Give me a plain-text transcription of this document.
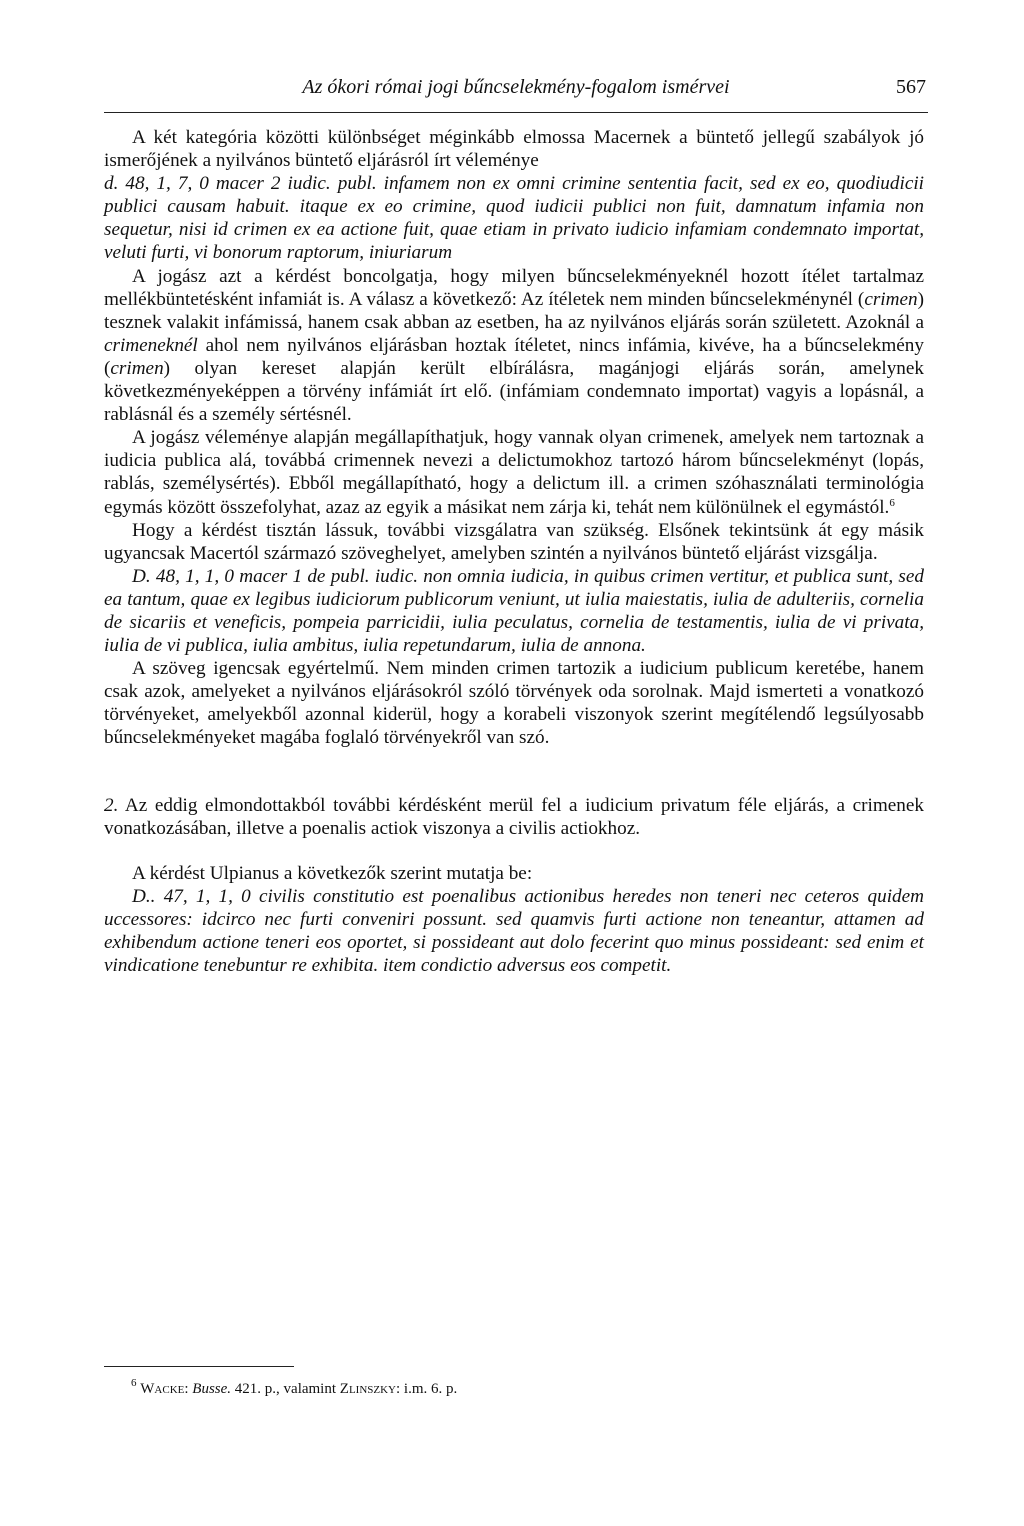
Az ókori római jogi bűncselekmény-fogalom ismérvei	567

A két kategória közötti különbséget méginkább elmossa Macernek a büntető jellegű szabályok jó ismerőjének a nyilvános büntető eljárásról írt véleménye

d. 48, 1, 7, 0 macer 2 iudic. publ. infamem non ex omni crimine sententia facit, sed ex eo, quodiudicii publici causam habuit. itaque ex eo crimine, quod iudicii publici non fuit, damnatum infamia non sequetur, nisi id crimen ex ea actione fuit, quae etiam in privato iudicio infamiam condemnato importat, veluti furti, vi bonorum raptorum, iniuriarum

A jogász azt a kérdést boncolgatja, hogy milyen bűncselekményeknél hozott ítélet tartalmaz mellékbüntetésként infamiát is. A válasz a következő: Az ítéletek nem minden bűncselekménynél (crimen) tesznek valakit infámissá, hanem csak abban az esetben, ha az nyilvános eljárás során született. Azoknál a crimeneknél ahol nem nyilvános eljárásban hoztak ítéletet, nincs infámia, kivéve, ha a bűncselekmény (crimen) olyan kereset alapján került elbírálásra, magánjogi eljárás során, amelynek következményeképpen a törvény infámiát írt elő. (infámiam condemnato importat) vagyis a lopásnál, a rablásnál és a személy sértésnél.

A jogász véleménye alapján megállapíthatjuk, hogy vannak olyan crimenek, amelyek nem tartoznak a iudicia publica alá, továbbá crimennek nevezi a delictumokhoz tartozó három bűncselekményt (lopás, rablás, személysértés). Ebből megállapítható, hogy a delictum ill. a crimen szóhasználati terminológia egymás között összefolyhat, azaz az egyik a másikat nem zárja ki, tehát nem különülnek el egymástól.$^6$

Hogy a kérdést tisztán lássuk, további vizsgálatra van szükség. Elsőnek tekintsünk át egy másik ugyancsak Macertól származó szöveghelyet, amelyben szintén a nyilvános büntető eljárást vizsgálja.

D. 48, 1, 1, 0 macer 1 de publ. iudic. non omnia iudicia, in quibus crimen vertitur, et publica sunt, sed ea tantum, quae ex legibus iudiciorum publicorum veniunt, ut iulia maiestatis, iulia de adulteriis, cornelia de sicariis et veneficis, pompeia parricidii, iulia peculatus, cornelia de testamentis, iulia de vi privata, iulia de vi publica, iulia ambitus, iulia repetundarum, iulia de annona.

A szöveg igencsak egyértelmű. Nem minden crimen tartozik a iudicium publicum keretébe, hanem csak azok, amelyeket a nyilvános eljárásokról szóló törvények oda sorolnak. Majd ismerteti a vonatkozó törvényeket, amelyekből azonnal kiderül, hogy a korabeli viszonyok szerint megítélendő legsúlyosabb bűncselekményeket magába foglaló törvényekről van szó.

2. Az eddig elmondottakból további kérdésként merül fel a iudicium privatum féle eljárás, a crimenek vonatkozásában, illetve a poenalis actiok viszonya a civilis actiokhoz.

A kérdést Ulpianus a következők szerint mutatja be:

D.. 47, 1, 1, 0 civilis constitutio est poenalibus actionibus heredes non teneri nec ceteros quidem uccessores: idcirco nec furti conveniri possunt. sed quamvis furti actione non teneantur, attamen ad exhibendum actione teneri eos oportet, si possideant aut dolo fecerint quo minus possideant: sed enim et vindicatione tenebuntur re exhibita. item condictio adversus eos competit.

$^6$ Wacke: Busse. 421. p., valamint Zlinszky: i.m. 6. p.
